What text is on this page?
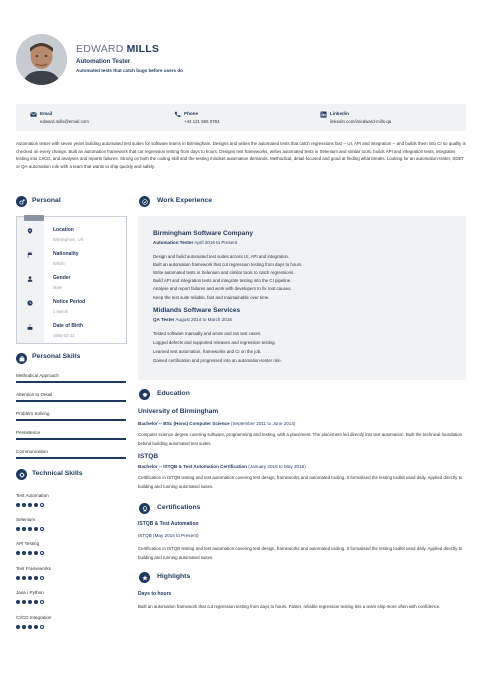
EDWARD MILLS
Automation Tester
Automated tests that catch bugs before users do
Email
edward.mills@email.com
Phone
+44 121 555 0784
Linkedin
linkedin.com/in/edward-mills-qa
Automation tester with seven years building automated test suites for software teams in Birmingham. Designs and writes the automated tests that catch regressions fast -- UI, API and integration -- and builds them into CI so quality is checked on every change. Built an automation framework that cut regression testing from days to hours. Designs test frameworks, writes automated tests in Selenium and similar tools, builds API and integration tests, integrates testing into CI/CD, and analyses and reports failures. Strong on both the coding skill and the testing mindset automation demands. Methodical, detail-focused and good at finding what breaks. Looking for an automation-tester, SDET or QA-automation role with a team that wants to ship quickly and safely.
Personal
Location
Birmingham, UK
Nationality
British
Gender
Male
Notice Period
1 month
Date of Birth
1994-03-22
Personal Skills
Methodical Approach
Attention to Detail
Problem Solving
Persistence
Communication
Technical Skills
Test Automation
Selenium
API Testing
Test Frameworks
Java / Python
CI/CD Integration
Work Experience
Birmingham Software Company
Automation Tester April 2016 to Present
Design and build automated test suites across UI, API and integration.
Built an automation framework that cut regression testing from days to hours.
Write automated tests in Selenium and similar tools to catch regressions.
Build API and integration tests and integrate testing into the CI pipeline.
Analyse and report failures and work with developers to fix root causes.
Keep the test suite reliable, fast and maintainable over time.
Midlands Software Services
QA Tester August 2014 to March 2016
Tested software manually and wrote and ran test cases.
Logged defects and supported releases and regression testing.
Learned test automation, frameworks and CI on the job.
Gained certification and progressed into an automation-tester role.
Education
University of Birmingham
Bachelor -- BSc (Hons) Computer Science (September 2011 to June 2014)
Computer science degree covering software, programming and testing, with a placement. The placement led directly into test automation. Built the technical foundation behind building automated test suites.
ISTQB
Bachelor -- ISTQB & Test Automation Certification (January 2016 to May 2016)
Certification in ISTQB testing and test automation covering test design, frameworks and automated tooling. It formalised the testing toolkit used daily. Applied directly to building and running automated suites.
Certifications
ISTQB & Test Automation
ISTQB (May 2016 to Present)
Certification in ISTQB testing and test automation covering test design, frameworks and automated tooling. It formalised the testing toolkit used daily. Applied directly to building and running automated suites.
Highlights
Days to hours
Built an automation framework that cut regression testing from days to hours. Faster, reliable regression testing lets a team ship more often with confidence.
